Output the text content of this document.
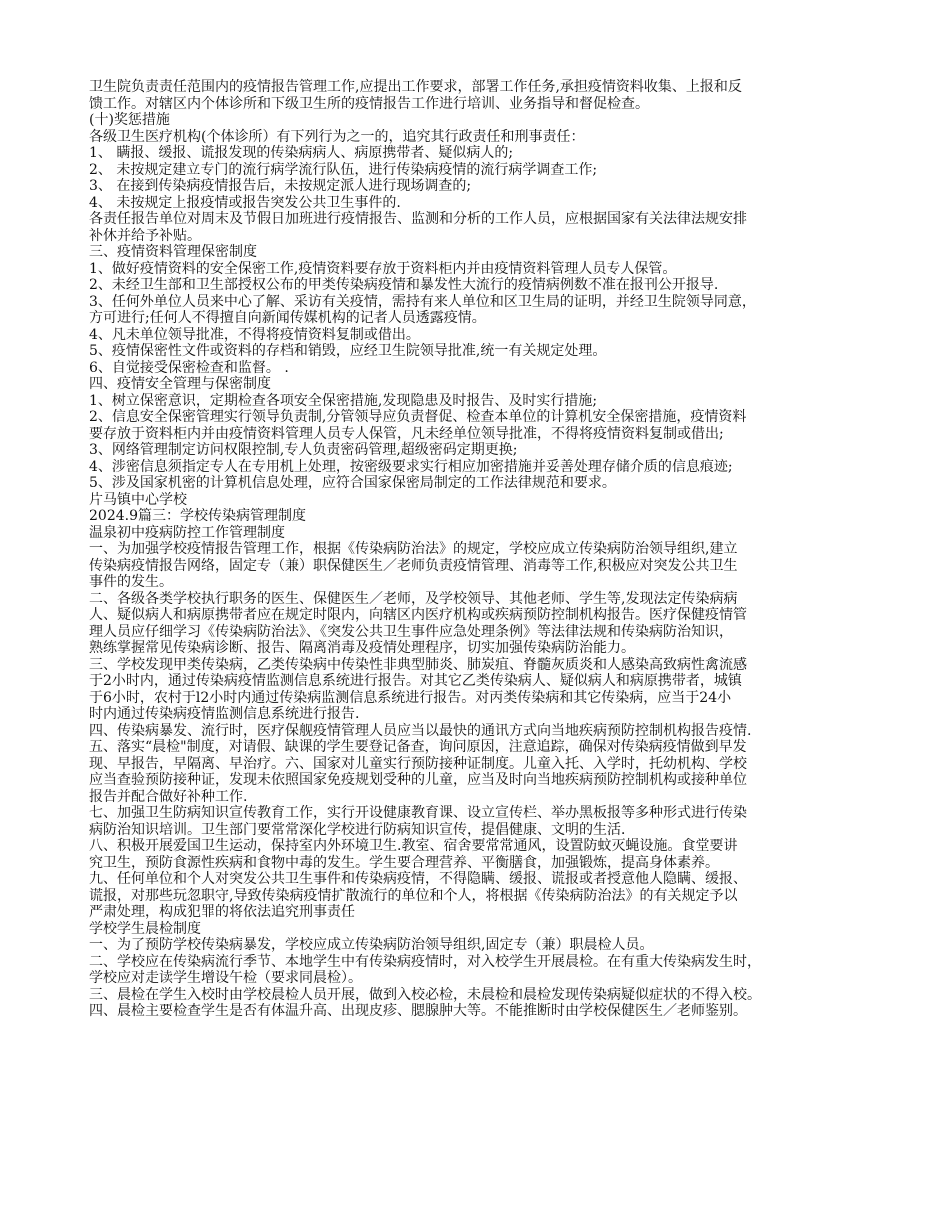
卫生院负责责任范围内的疫情报告管理工作,应提出工作要求，部署工作任务,承担疫情资料收集、上报和反
馈工作。对辖区内个体诊所和下级卫生所的疫情报告工作进行培训、业务指导和督促检查。
(十)奖惩措施
各级卫生医疗机构(个体诊所）有下列行为之一的，追究其行政责任和刑事责任：
1、 瞒报、缓报、谎报发现的传染病病人、病原携带者、疑似病人的;
2、 未按规定建立专门的流行病学流行队伍，进行传染病疫情的流行病学调查工作;
3、 在接到传染病疫情报告后，未按规定派人进行现场调查的;
4、 未按规定上报疫情或报告突发公共卫生事件的.
各责任报告单位对周末及节假日加班进行疫情报告、监测和分析的工作人员，应根据国家有关法律法规安排
补休并给予补贴。
三、疫情资料管理保密制度
1、做好疫情资料的安全保密工作,疫情资料要存放于资料柜内并由疫情资料管理人员专人保管。
2、未经卫生部和卫生部授权公布的甲类传染病疫情和暴发性大流行的疫情病例数不准在报刊公开报导.
3、任何外单位人员来中心了解、采访有关疫情，需持有来人单位和区卫生局的证明，并经卫生院领导同意，
方可进行;任何人不得擅自向新闻传媒机构的记者人员透露疫情。
4、凡未单位领导批准，不得将疫情资料复制或借出。
5、疫情保密性文件或资料的存档和销毁，应经卫生院领导批准,统一有关规定处理。
6、自觉接受保密检查和监督。 .
四、疫情安全管理与保密制度
1、树立保密意识，定期检查各项安全保密措施,发现隐患及时报告、及时实行措施;
2、信息安全保密管理实行领导负责制,分管领导应负责督促、检查本单位的计算机安全保密措施，疫情资料
要存放于资料柜内并由疫情资料管理人员专人保管，凡未经单位领导批准，不得将疫情资料复制或借出;
3、网络管理制定访问权限控制,专人负责密码管理,超级密码定期更换;
4、涉密信息须指定专人在专用机上处理，按密级要求实行相应加密措施并妥善处理存储介质的信息痕迹;
5、涉及国家机密的计算机信息处理，应符合国家保密局制定的工作法律规范和要求。
片马镇中心学校
2024.9篇三：学校传染病管理制度
温泉初中疫病防控工作管理制度
一、为加强学校疫情报告管理工作，根据《传染病防治法》的规定，学校应成立传染病防治领导组织,建立
传染病疫情报告网络，固定专（兼）职保健医生／老师负责疫情管理、消毒等工作,积极应对突发公共卫生
事件的发生。
二、各级各类学校执行职务的医生、保健医生／老师，及学校领导、其他老师、学生等,发现法定传染病病
人、疑似病人和病原携带者应在规定时限内，向辖区内医疗机构或疾病预防控制机构报告。医疗保健疫情管
理人员应仔细学习《传染病防治法》、《突发公共卫生事件应急处理条例》等法律法规和传染病防治知识，
熟练掌握常见传染病诊断、报告、隔离消毒及疫情处理程序，切实加强传染病防治能力。
三、学校发现甲类传染病，乙类传染病中传染性非典型肺炎、肺炭疽、脊髓灰质炎和人感染高致病性禽流感
于2小时内，通过传染病疫情监测信息系统进行报告。对其它乙类传染病人、疑似病人和病原携带者，城镇
于6小时，农村于l2小时内通过传染病监测信息系统进行报告。对丙类传染病和其它传染病，应当于24小
时内通过传染病疫情监测信息系统进行报告.
四、传染病暴发、流行时，医疗保舰疫情管理人员应当以最快的通讯方式向当地疾病预防控制机构报告疫情.
五、落实“晨检"制度，对请假、缺课的学生要登记备查，询问原因，注意追踪，确保对传染病疫情做到早发
现、早报告，早隔离、早治疗。六、国家对儿童实行预防接种证制度。儿童入托、入学时，托幼机构、学校
应当查验预防接种证，发现未依照国家免疫规划受种的儿童，应当及时向当地疾病预防控制机构或接种单位
报告并配合做好补种工作.
七、加强卫生防病知识宣传教育工作，实行开设健康教育课、设立宣传栏、举办黑板报等多种形式进行传染
病防治知识培训。卫生部门要常常深化学校进行防病知识宣传，提倡健康、文明的生活．
八、积极开展爱国卫生运动，保持室内外环境卫生.教室、宿舍要常常通风，设置防蚊灭蝇设施。食堂要讲
究卫生，预防食源性疾病和食物中毒的发生。学生要合理营养、平衡膳食，加强锻炼，提高身体素养。
九、任何单位和个人对突发公共卫生事件和传染病疫情，不得隐瞒、缓报、谎报或者授意他人隐瞒、缓报、
谎报，对那些玩忽职守,导致传染病疫情扩散流行的单位和个人，将根据《传染病防治法》的有关规定予以
严肃处理，构成犯罪的将依法追究刑事责任
学校学生晨检制度
一、为了预防学校传染病暴发，学校应成立传染病防治领导组织,固定专（兼）职晨检人员。
二、学校应在传染病流行季节、本地学生中有传染病疫情时，对入校学生开展晨检。在有重大传染病发生时，
学校应对走读学生增设午检（要求同晨检）。
三、晨检在学生入校时由学校晨检人员开展，做到入校必检，未晨检和晨检发现传染病疑似症状的不得入校。
四、晨检主要检查学生是否有体温升高、出现皮疹、腮腺肿大等。不能推断时由学校保健医生／老师鉴别。
